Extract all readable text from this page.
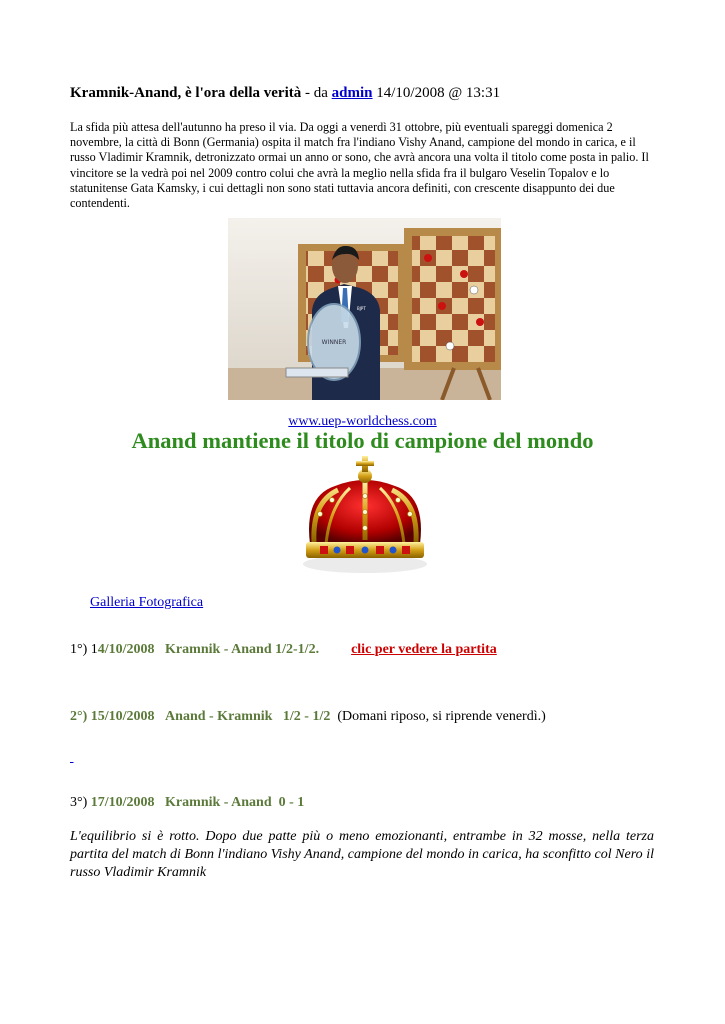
Kramnik-Anand, è l'ora della verità - da admin 14/10/2008 @ 13:31
La sfida più attesa dell'autunno ha preso il via. Da oggi a venerdì 31 ottobre, più eventuali spareggi domenica 2 novembre, la città di Bonn (Germania) ospita il match fra l'indiano Vishy Anand, campione del mondo in carica, e il russo Vladimir Kramnik, detronizzato ormai un anno or sono, che avrà ancora una volta il titolo come posta in palio. Il vincitore se la vedrà poi nel 2009 contro colui che avrà la meglio nella sfida fra il bulgaro Veselin Topalov e lo statunitense Gata Kamsky, i cui dettagli non sono stati tuttavia ancora definiti, con crescente disappunto dei due contendenti.
WINNER
BJPT
www.uep-worldchess.com
Anand mantiene il titolo di campione del mondo
Galleria Fotografica
1°) 14/10/2008 Kramnik - Anand 1/2-1/2. clic per vedere la partita
2°) 15/10/2008 Anand - Kramnik   1/2 - 1/2 (Domani riposo, si riprende venerdì.)

3°) 17/10/2008 Kramnik - Anand  0 - 1
L'equilibrio si è rotto. Dopo due patte più o meno emozionanti, entrambe in 32 mosse, nella terza partita del match di Bonn l'indiano Vishy Anand, campione del mondo in carica, ha sconfitto col Nero il russo Vladimir Kramnik
